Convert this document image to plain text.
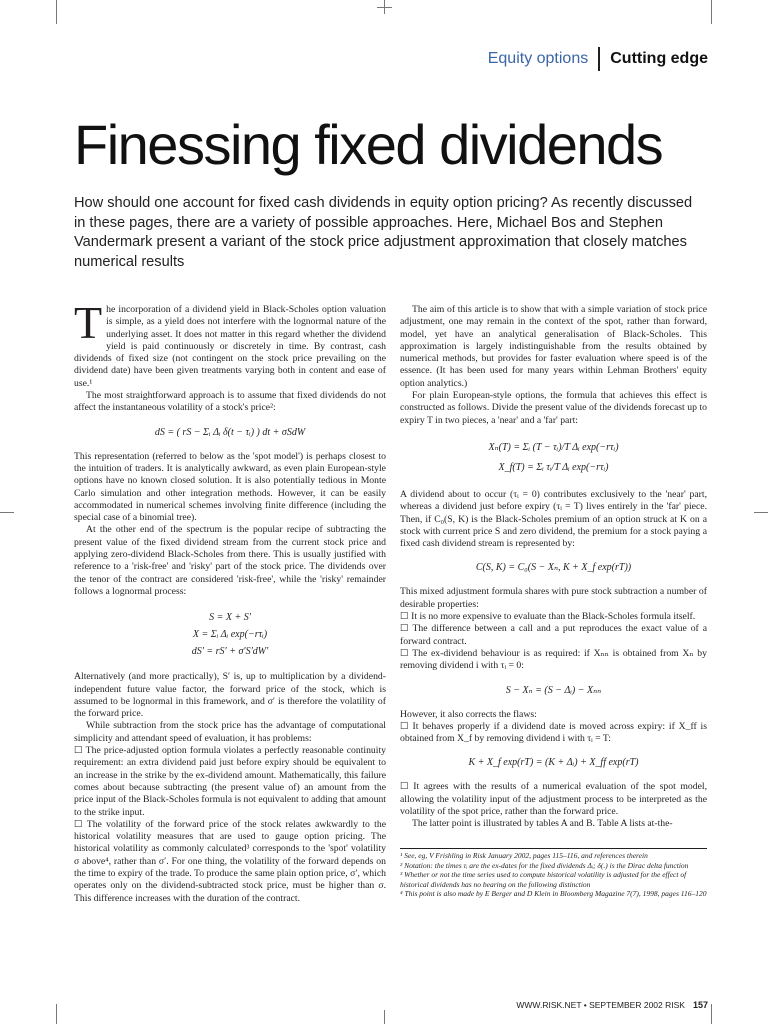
Equity options	Cutting edge
Finessing fixed dividends

How should one account for fixed cash dividends in equity option pricing? As recently discussed in these pages, there are a variety of possible approaches. Here, Michael Bos and Stephen Vandermark present a variant of the stock price adjustment approximation that closely matches numerical results

The incorporation of a dividend yield in Black-Scholes option valuation is simple, as a yield does not interfere with the lognormal nature of the underlying asset. It does not matter in this regard whether the dividend yield is paid continuously or discretely in time. By contrast, cash dividends of fixed size (not contingent on the stock price prevailing on the dividend date) have been given treatments varying both in content and ease of use.¹

The most straightforward approach is to assume that fixed dividends do not affect the instantaneous volatility of a stock's price²:

dS = ( rS − Σᵢ Δᵢ δ(t − τᵢ) ) dt + σSdW

This representation (referred to below as the 'spot model') is perhaps closest to the intuition of traders. It is analytically awkward, as even plain European-style options have no known closed solution. It is also potentially tedious in Monte Carlo simulation and other integration methods. However, it can be easily accommodated in numerical schemes involving finite difference (including the special case of a binomial tree).

At the other end of the spectrum is the popular recipe of subtracting the present value of the fixed dividend stream from the current stock price and applying zero-dividend Black-Scholes from there. This is usually justified with reference to a 'risk-free' and 'risky' part of the stock price. The dividends over the tenor of the contract are considered 'risk-free', while the 'risky' remainder follows a lognormal process:

S = X + S′
X = Σᵢ Δᵢ exp(−rτᵢ)
dS′ = rS′ + σ′S′dW′

Alternatively (and more practically), S′ is, up to multiplication by a dividend-independent future value factor, the forward price of the stock, which is assumed to be lognormal in this framework, and σ′ is therefore the volatility of the forward price.

While subtraction from the stock price has the advantage of computational simplicity and attendant speed of evaluation, it has problems:

☐ The price-adjusted option formula violates a perfectly reasonable continuity requirement: an extra dividend paid just before expiry should be equivalent to an increase in the strike by the ex-dividend amount. Mathematically, this failure comes about because subtracting (the present value of) an amount from the price input of the Black-Scholes formula is not equivalent to adding that amount to the strike input.

☐ The volatility of the forward price of the stock relates awkwardly to the historical volatility measures that are used to gauge option pricing. The historical volatility as commonly calculated³ corresponds to the 'spot' volatility σ above⁴, rather than σ′. For one thing, the volatility of the forward depends on the time to expiry of the trade. To produce the same plain option price, σ′, which operates only on the dividend-subtracted stock price, must be higher than σ. This difference increases with the duration of the contract.

The aim of this article is to show that with a simple variation of stock price adjustment, one may remain in the context of the spot, rather than forward, model, yet have an analytical generalisation of Black-Scholes. This approximation is largely indistinguishable from the results obtained by numerical methods, but provides for faster evaluation where speed is of the essence. (It has been used for many years within Lehman Brothers' equity option analytics.)

For plain European-style options, the formula that achieves this effect is constructed as follows. Divide the present value of the dividends forecast up to expiry T in two pieces, a 'near' and a 'far' part:

Xₙ(T) = Σᵢ (T − τᵢ)/T Δᵢ exp(−rτᵢ)
X_f(T) = Σᵢ τᵢ/T Δᵢ exp(−rτᵢ)

A dividend about to occur (τᵢ = 0) contributes exclusively to the 'near' part, whereas a dividend just before expiry (τᵢ = T) lives entirely in the 'far' piece. Then, if C₀(S, K) is the Black-Scholes premium of an option struck at K on a stock with current price S and zero dividend, the premium for a stock paying a fixed cash dividend stream is represented by:

C(S, K) = C₀(S − Xₙ, K + X_f exp(rT))

This mixed adjustment formula shares with pure stock subtraction a number of desirable properties:

☐ It is no more expensive to evaluate than the Black-Scholes formula itself.

☐ The difference between a call and a put reproduces the exact value of a forward contract.

☐ The ex-dividend behaviour is as required: if Xₙₙ is obtained from Xₙ by removing dividend i with τᵢ = 0:

S − Xₙ = (S − Δᵢ) − Xₙₙ

However, it also corrects the flaws:

☐ It behaves properly if a dividend date is moved across expiry: if X_ff is obtained from X_f by removing dividend i with τᵢ = T:

K + X_f exp(rT) = (K + Δᵢ) + X_ff exp(rT)

☐ It agrees with the results of a numerical evaluation of the spot model, allowing the volatility input of the adjustment process to be interpreted as the volatility of the spot price, rather than the forward price.

The latter point is illustrated by tables A and B. Table A lists at-the-

¹ See, eg, V Frishling in Risk January 2002, pages 115–116, and references therein

² Notation: the times τᵢ are the ex-dates for the fixed dividends Δᵢ; δ(.) is the Dirac delta function

³ Whether or not the time series used to compute historical volatility is adjusted for the effect of historical dividends has no bearing on the following distinction

⁴ This point is also made by E Berger and D Klein in Bloomberg Magazine 7(7), 1998, pages 116–120

WWW.RISK.NET • SEPTEMBER 2002 RISK 157
